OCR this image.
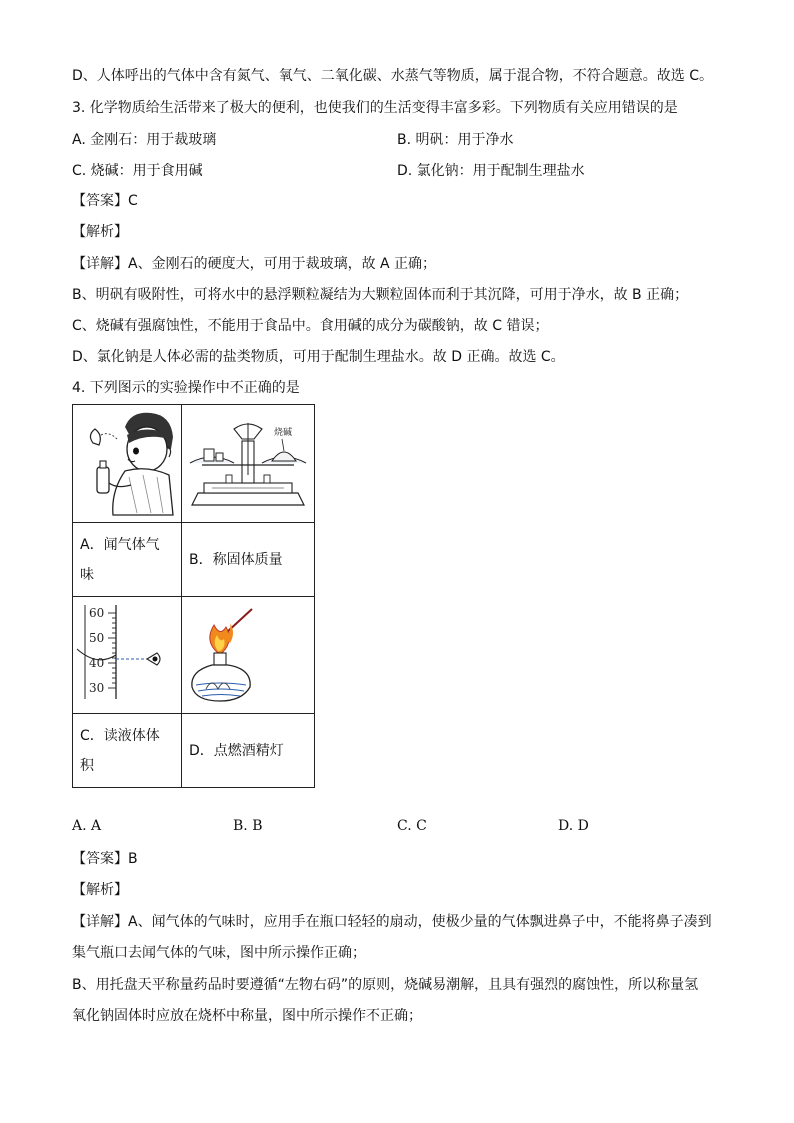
D、人体呼出的气体中含有氮气、氧气、二氧化碳、水蒸气等物质，属于混合物，不符合题意。故选 C。
3. 化学物质给生活带来了极大的便利，也使我们的生活变得丰富多彩。下列物质有关应用错误的是
A. 金刚石：用于裁玻璃	B. 明矾：用于净水
C. 烧碱：用于食用碱	D. 氯化钠：用于配制生理盐水
【答案】C
【解析】
【详解】A、金刚石的硬度大，可用于裁玻璃，故 A 正确；
B、明矾有吸附性，可将水中的悬浮颗粒凝结为大颗粒固体而利于其沉降，可用于净水，故 B 正确；
C、烧碱有强腐蚀性，不能用于食品中。食用碱的成分为碳酸钠，故 C 错误；
D、氯化钠是人体必需的盐类物质，可用于配制生理盐水。故 D 正确。故选 C。
4. 下列图示的实验操作中不正确的是

烧碱

A．闻气体气
味	B．称固体质量

60
50
40
30

C．读液体体
积	D．点燃酒精灯
A. A	B. B	C. C	D. D
【答案】B
【解析】
【详解】A、闻气体的气味时，应用手在瓶口轻轻的扇动，使极少量的气体飘进鼻子中，不能将鼻子凑到
集气瓶口去闻气体的气味，图中所示操作正确；
B、用托盘天平称量药品时要遵循“左物右码”的原则，烧碱易潮解，且具有强烈的腐蚀性，所以称量氢
氧化钠固体时应放在烧杯中称量，图中所示操作不正确；
